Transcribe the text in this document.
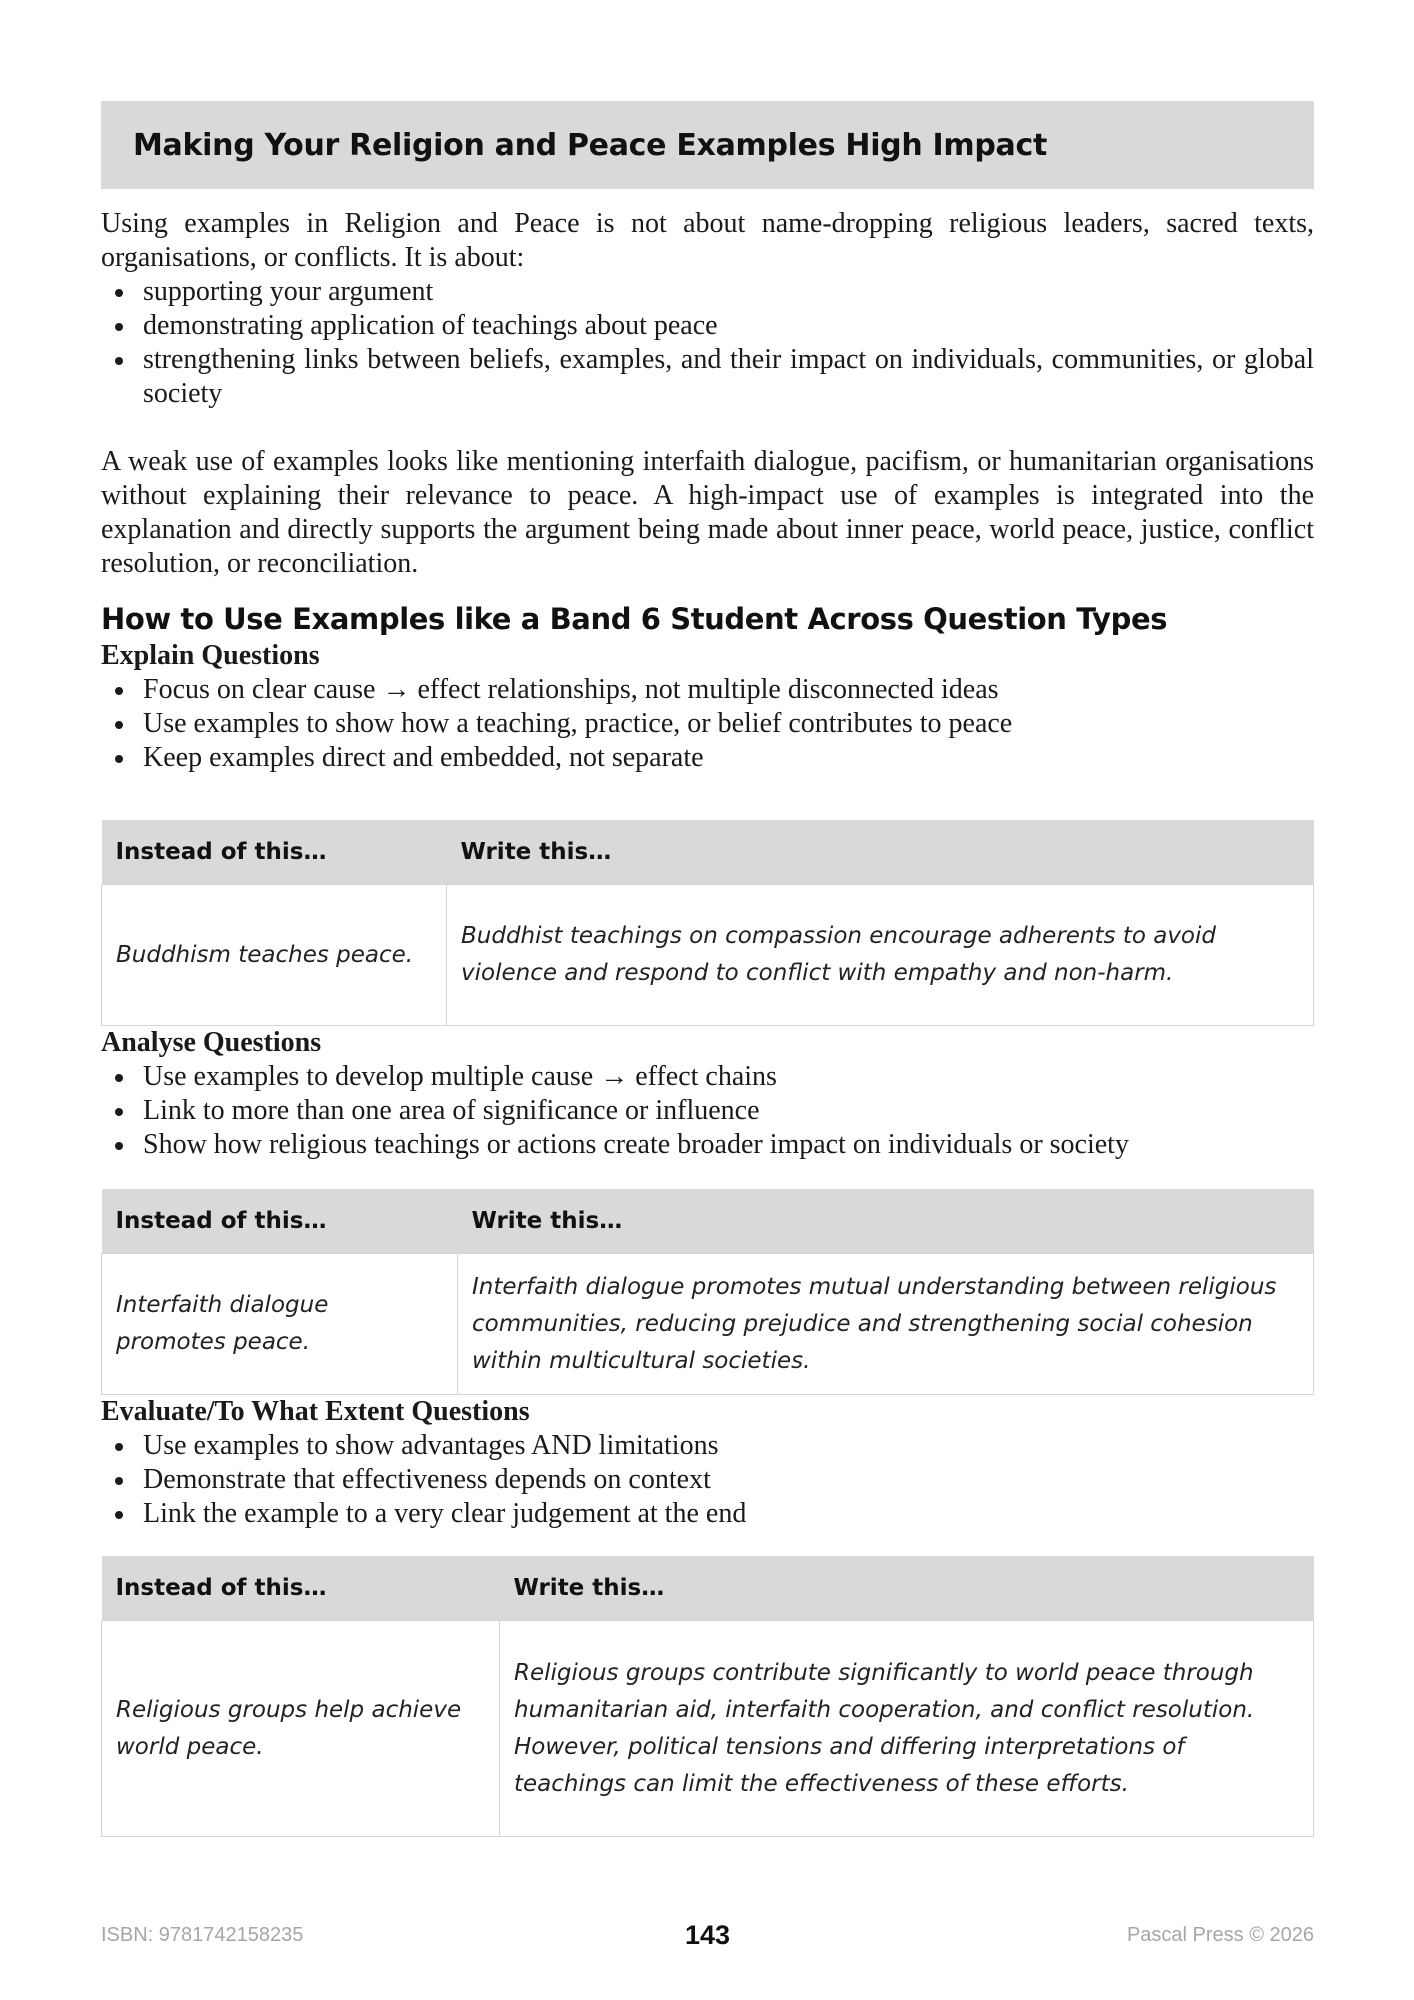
Making Your Religion and Peace Examples High Impact

Using examples in Religion and Peace is not about name-dropping religious leaders, sacred texts, organisations, or conflicts. It is about:

supporting your argument
demonstrating application of teachings about peace
strengthening links between beliefs, examples, and their impact on individuals, communities, or global society

A weak use of examples looks like mentioning interfaith dialogue, pacifism, or humanitarian organisations without explaining their relevance to peace. A high-impact use of examples is integrated into the explanation and directly supports the argument being made about inner peace, world peace, justice, conflict resolution, or reconciliation.

How to Use Examples like a Band 6 Student Across Question Types
Explain Questions
Focus on clear cause → effect relationships, not multiple disconnected ideas
Use examples to show how a teaching, practice, or belief contributes to peace
Keep examples direct and embedded, not separate
Instead of this…	Write this…
Buddhism teaches peace.	Buddhist teachings on compassion encourage adherents to avoid violence and respond to conflict with empathy and non-harm.
Analyse Questions
Use examples to develop multiple cause → effect chains
Link to more than one area of significance or influence
Show how religious teachings or actions create broader impact on individuals or society
Instead of this…	Write this…
Interfaith dialogue promotes peace.	Interfaith dialogue promotes mutual understanding between religious communities, reducing prejudice and strengthening social cohesion within multicultural societies.
Evaluate/To What Extent Questions
Use examples to show advantages AND limitations
Demonstrate that effectiveness depends on context
Link the example to a very clear judgement at the end
Instead of this…	Write this…
Religious groups help achieve world peace.	Religious groups contribute significantly to world peace through humanitarian aid, interfaith cooperation, and conflict resolution. However, political tensions and differing interpretations of teachings can limit the effectiveness of these efforts.
ISBN: 9781742158235	143	Pascal Press © 2026
